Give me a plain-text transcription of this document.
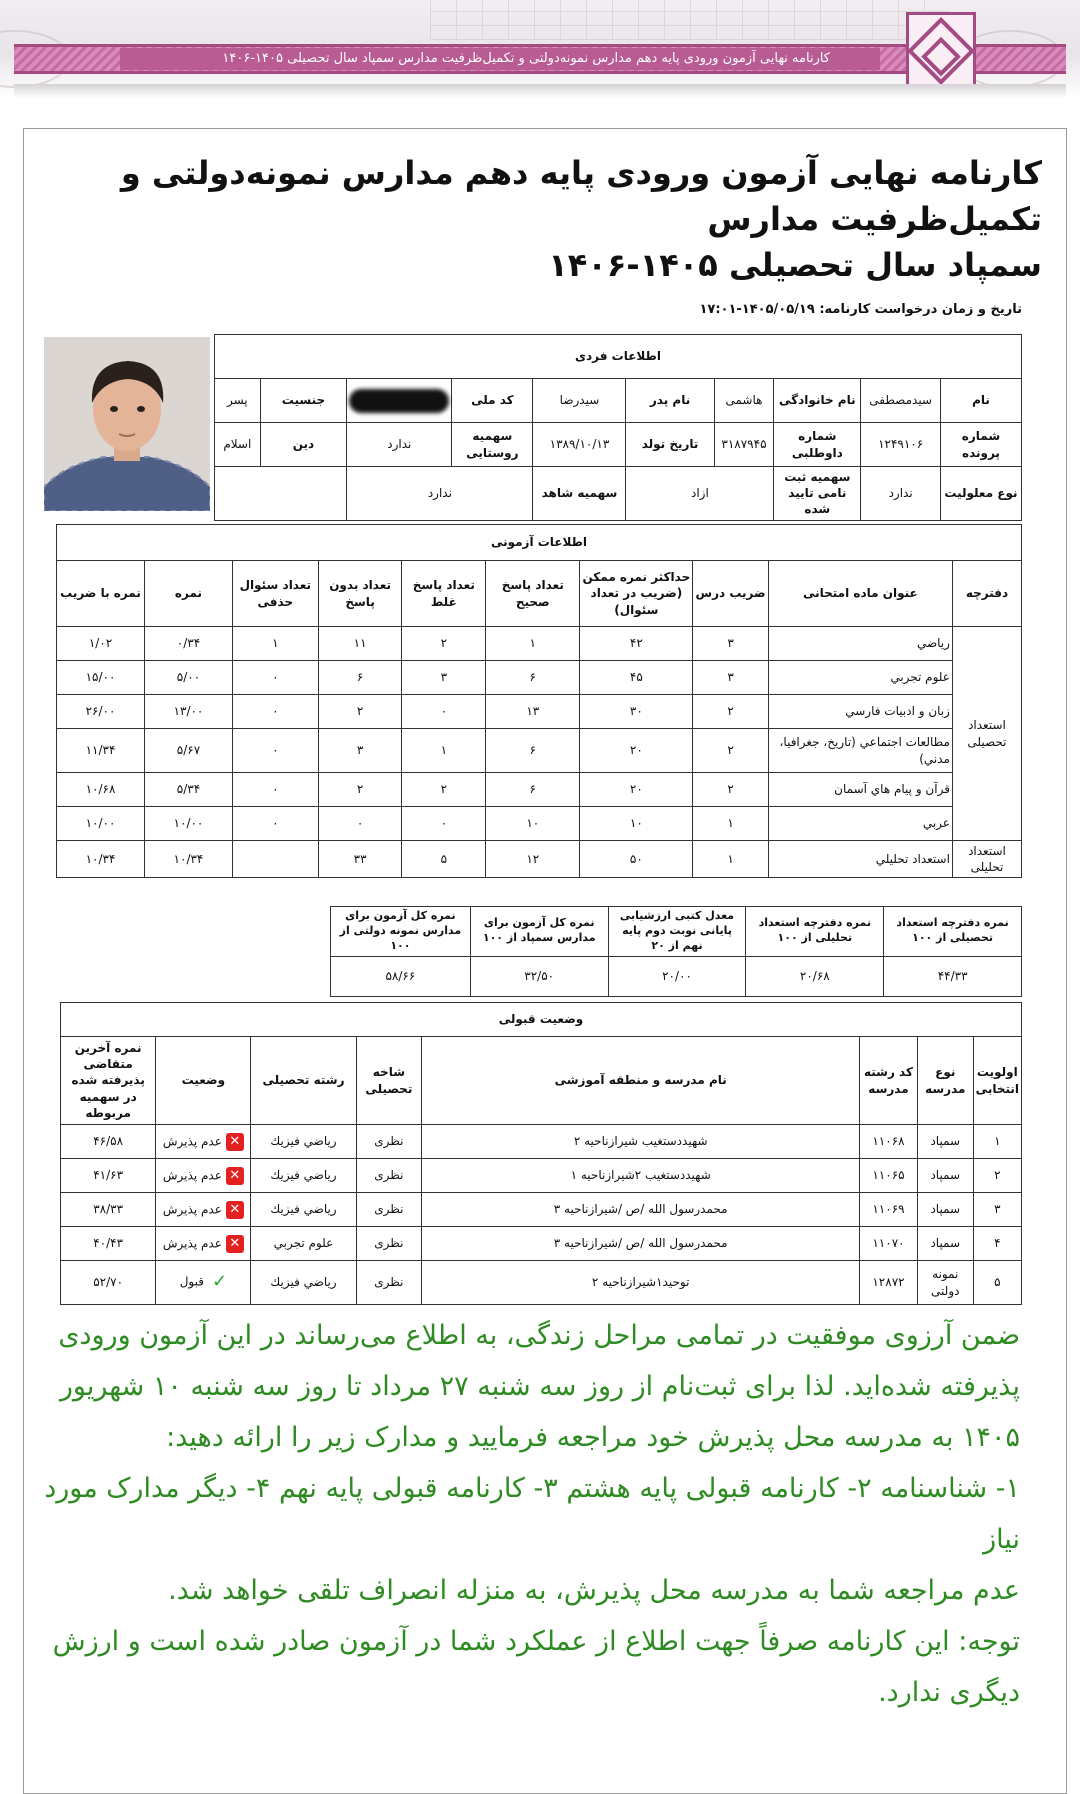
کارنامه نهایی آزمون ورودی پایه دهم مدارس نمونه‌دولتی و تکمیل‌ظرفیت مدارس سمپاد سال تحصیلی ۱۴۰۵-۱۴۰۶
کارنامه نهایی آزمون ورودی پایه دهم مدارس نمونه‌دولتی و تکمیل‌ظرفیت مدارس
سمپاد سال تحصیلی ۱۴۰۵-۱۴۰۶
تاریخ و زمان درخواست کارنامه: ۱۴۰۵/۰۵/۱۹-۱۷:۰۱
اطلاعات فردی									
نام	سیدمصطفی	نام خانوادگی	هاشمی	نام پدر	سیدرضا	کد ملی		جنسیت	پسر
شماره پرونده	۱۲۴۹۱۰۶	شماره داوطلبی	۳۱۸۷۹۴۵	تاریخ تولد	۱۳۸۹/۱۰/۱۳	سهمیه روستایی	ندارد	دین	اسلام
نوع معلولیت	ندارد	سهمیه ثبت نامی تایید شده	ازاد		سهمیه شاهد	ندارد			
اطلاعات آزمونی									
دفترچه	عنوان ماده امتحانی	ضریب درس	حداکثر نمره ممکن (ضریب در تعداد سئوال)	تعداد پاسخ صحیح	تعداد پاسخ غلط	تعداد بدون پاسخ	تعداد سئوال حذفی	نمره	نمره با ضریب
استعداد تحصیلی	ریاضي	۳	۴۲	۱	۲	۱۱	۱	۰/۳۴	۱/۰۲
	علوم تجربي	۳	۴۵	۶	۳	۶	۰	۵/۰۰	۱۵/۰۰
	زبان و ادبيات فارسي	۲	۳۰	۱۳	۰	۲	۰	۱۳/۰۰	۲۶/۰۰
	مطالعات اجتماعي (تاريخ، جغرافيا، مدني)	۲	۲۰	۶	۱	۳	۰	۵/۶۷	۱۱/۳۴
	قرآن و پيام هاي آسمان	۲	۲۰	۶	۲	۲	۰	۵/۳۴	۱۰/۶۸
	عربي	۱	۱۰	۱۰	۰	۰	۰	۱۰/۰۰	۱۰/۰۰
استعداد تحلیلی	استعداد تحليلي	۱	۵۰	۱۲	۵	۳۳		۱۰/۳۴	۱۰/۳۴
نمره دفترچه استعداد تحصیلی از ۱۰۰	نمره دفترچه استعداد تحلیلی از ۱۰۰	معدل کتبی ارزشیابی پایانی نوبت دوم پایه نهم از ۲۰	نمره کل آزمون برای مدارس سمپاد از ۱۰۰	نمره کل آزمون برای مدارس نمونه دولتی از ۱۰۰
۴۴/۳۳	۲۰/۶۸	۲۰/۰۰	۳۲/۵۰	۵۸/۶۶
وضعیت قبولی							
اولویت انتخابی	نوع مدرسه	کد رشته مدرسه	نام مدرسه و منطقه آموزشی	شاخه تحصیلی	رشته تحصیلی	وضعیت	نمره آخرین متقاضی پذیرفته شده در سهمیه مربوطه
۱	سمپاد	۱۱۰۶۸	شهیددستغیب شیرازناحیه ۲	نظری	رياضي فيزيك	✕عدم پذیرش	۴۶/۵۸
۲	سمپاد	۱۱۰۶۵	شهیددستغیب ۲شیرازناحیه ۱	نظری	رياضي فيزيك	✕عدم پذیرش	۴۱/۶۳
۳	سمپاد	۱۱۰۶۹	محمدرسول الله /ص /شیرازناحیه ۳	نظری	رياضي فيزيك	✕عدم پذیرش	۳۸/۳۳
۴	سمپاد	۱۱۰۷۰	محمدرسول الله /ص /شیرازناحیه ۳	نظری	علوم تجربي	✕عدم پذیرش	۴۰/۴۳
۵	نمونه دولتی	۱۲۸۷۲	توحید۱شیرازناحیه ۲	نظری	رياضي فيزيك	✓قبول	۵۲/۷۰

ضمن آرزوی موفقیت در تمامی مراحل زندگی، به اطلاع می‌رساند در این آزمون ورودی پذیرفته شده‌اید. لذا برای ثبت‌نام از روز سه شنبه ۲۷ مرداد تا روز سه شنبه ۱۰ شهریور ۱۴۰۵ به مدرسه محل پذیرش خود مراجعه فرمایید و مدارک زیر را ارائه دهید:

۱- شناسنامه ۲- کارنامه قبولی پایه هشتم ۳- کارنامه قبولی پایه نهم ۴- دیگر مدارک مورد نیاز

عدم مراجعه شما به مدرسه محل پذیرش، به منزله انصراف تلقی خواهد شد.

توجه: این کارنامه صرفاً جهت اطلاع از عملکرد شما در آزمون صادر شده است و ارزش دیگری ندارد.
